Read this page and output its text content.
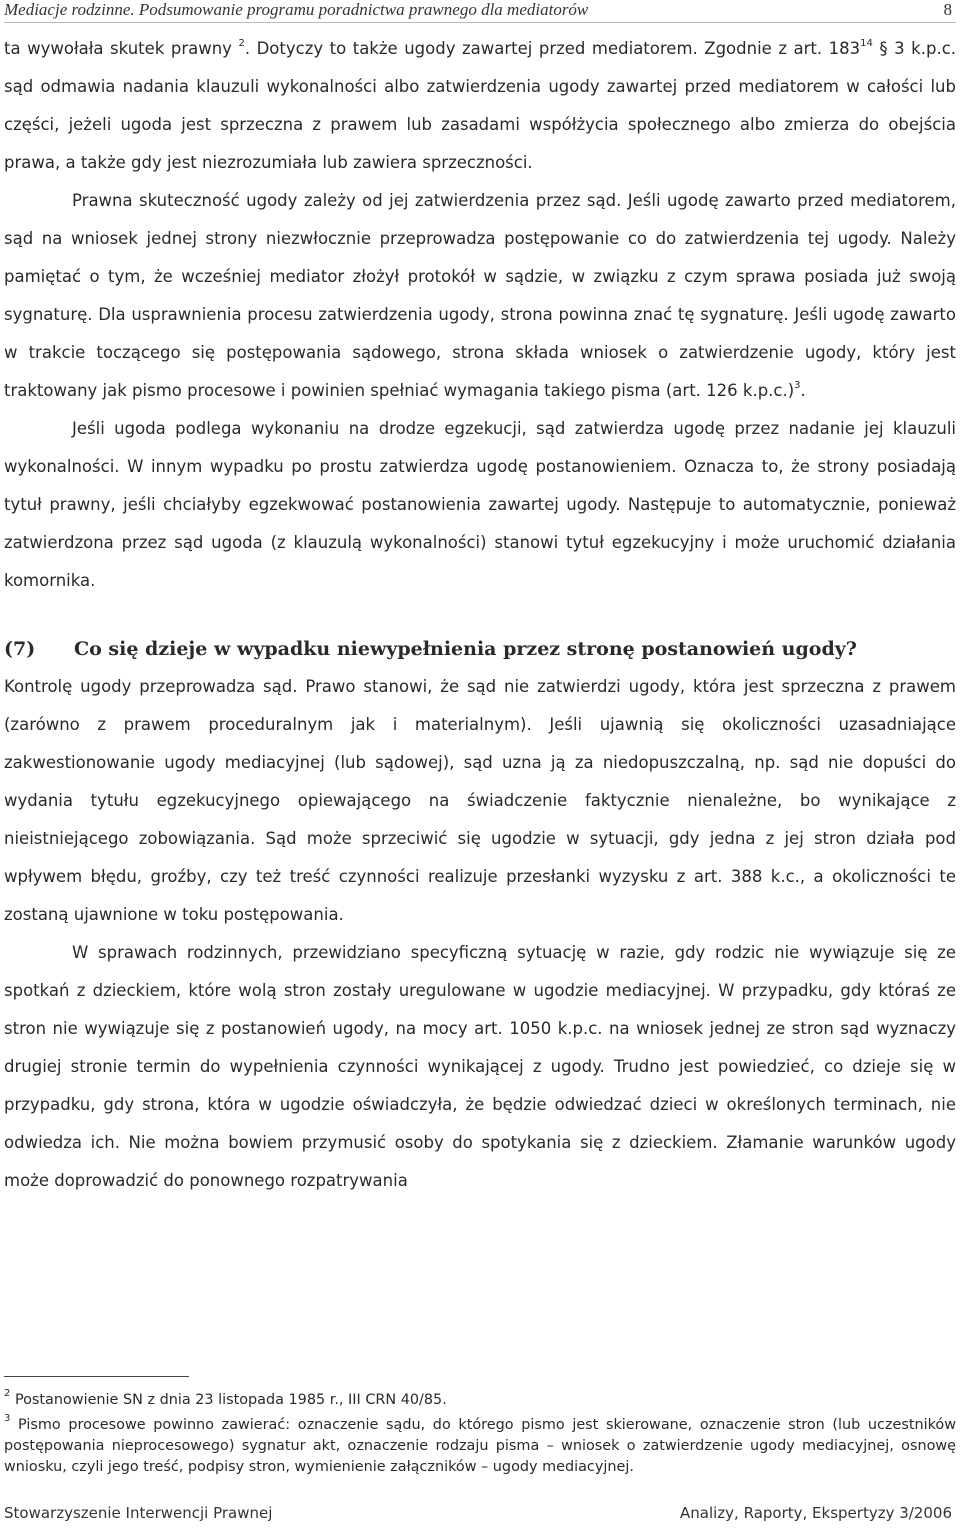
Mediacje rodzinne. Podsumowanie programu poradnictwa prawnego dla mediatorów	8

ta wywołała skutek prawny $^2$. Dotyczy to także ugody zawartej przed mediatorem. Zgodnie z art. $183^{14}$ § 3 k.p.c. sąd odmawia nadania klauzuli wykonalności albo zatwierdzenia ugody zawartej przed mediatorem w całości lub części, jeżeli ugoda jest sprzeczna z prawem lub zasadami współżycia społecznego albo zmierza do obejścia prawa, a także gdy jest niezrozumiała lub zawiera sprzeczności.

Prawna skuteczność ugody zależy od jej zatwierdzenia przez sąd. Jeśli ugodę zawarto przed mediatorem, sąd na wniosek jednej strony niezwłocznie przeprowadza postępowanie co do zatwierdzenia tej ugody. Należy pamiętać o tym, że wcześniej mediator złożył protokół w sądzie, w związku z czym sprawa posiada już swoją sygnaturę. Dla usprawnienia procesu zatwierdzenia ugody, strona powinna znać tę sygnaturę. Jeśli ugodę zawarto w trakcie toczącego się postępowania sądowego, strona składa wniosek o zatwierdzenie ugody, który jest traktowany jak pismo procesowe i powinien spełniać wymagania takiego pisma (art. 126 k.p.c.)$^3$.

Jeśli ugoda podlega wykonaniu na drodze egzekucji, sąd zatwierdza ugodę przez nadanie jej klauzuli wykonalności. W innym wypadku po prostu zatwierdza ugodę postanowieniem. Oznacza to, że strony posiadają tytuł prawny, jeśli chciałyby egzekwować postanowienia zawartej ugody. Następuje to automatycznie, ponieważ zatwierdzona przez sąd ugoda (z klauzulą wykonalności) stanowi tytuł egzekucyjny i może uruchomić działania komornika.

(7)	Co się dzieje w wypadku niewypełnienia przez stronę postanowień ugody?

Kontrolę ugody przeprowadza sąd. Prawo stanowi, że sąd nie zatwierdzi ugody, która jest sprzeczna z prawem (zarówno z prawem proceduralnym jak i materialnym). Jeśli ujawnią się okoliczności uzasadniające zakwestionowanie ugody mediacyjnej (lub sądowej), sąd uzna ją za niedopuszczalną, np. sąd nie dopuści do wydania tytułu egzekucyjnego opiewającego na świadczenie faktycznie nienależne, bo wynikające z nieistniejącego zobowiązania. Sąd może sprzeciwić się ugodzie w sytuacji, gdy jedna z jej stron działa pod wpływem błędu, groźby, czy też treść czynności realizuje przesłanki wyzysku z art. 388 k.c., a okoliczności te zostaną ujawnione w toku postępowania.

W sprawach rodzinnych, przewidziano specyficzną sytuację w razie, gdy rodzic nie wywiązuje się ze spotkań z dzieckiem, które wolą stron zostały uregulowane w ugodzie mediacyjnej. W przypadku, gdy któraś ze stron nie wywiązuje się z postanowień ugody, na mocy art. 1050 k.p.c. na wniosek jednej ze stron sąd wyznaczy drugiej stronie termin do wypełnienia czynności wynikającej z ugody. Trudno jest powiedzieć, co dzieje się w przypadku, gdy strona, która w ugodzie oświadczyła, że będzie odwiedzać dzieci w określonych terminach, nie odwiedza ich. Nie można bowiem przymusić osoby do spotykania się z dzieckiem. Złamanie warunków ugody może doprowadzić do ponownego rozpatrywania

$^2$ Postanowienie SN z dnia 23 listopada 1985 r., III CRN 40/85.

$^3$ Pismo procesowe powinno zawierać: oznaczenie sądu, do którego pismo jest skierowane, oznaczenie stron (lub uczestników postępowania nieprocesowego) sygnatur akt, oznaczenie rodzaju pisma – wniosek o zatwierdzenie ugody mediacyjnej, osnowę wniosku, czyli jego treść, podpisy stron, wymienienie załączników – ugody mediacyjnej.

Stowarzyszenie Interwencji Prawnej	Analizy, Raporty, Ekspertyzy 3/2006
